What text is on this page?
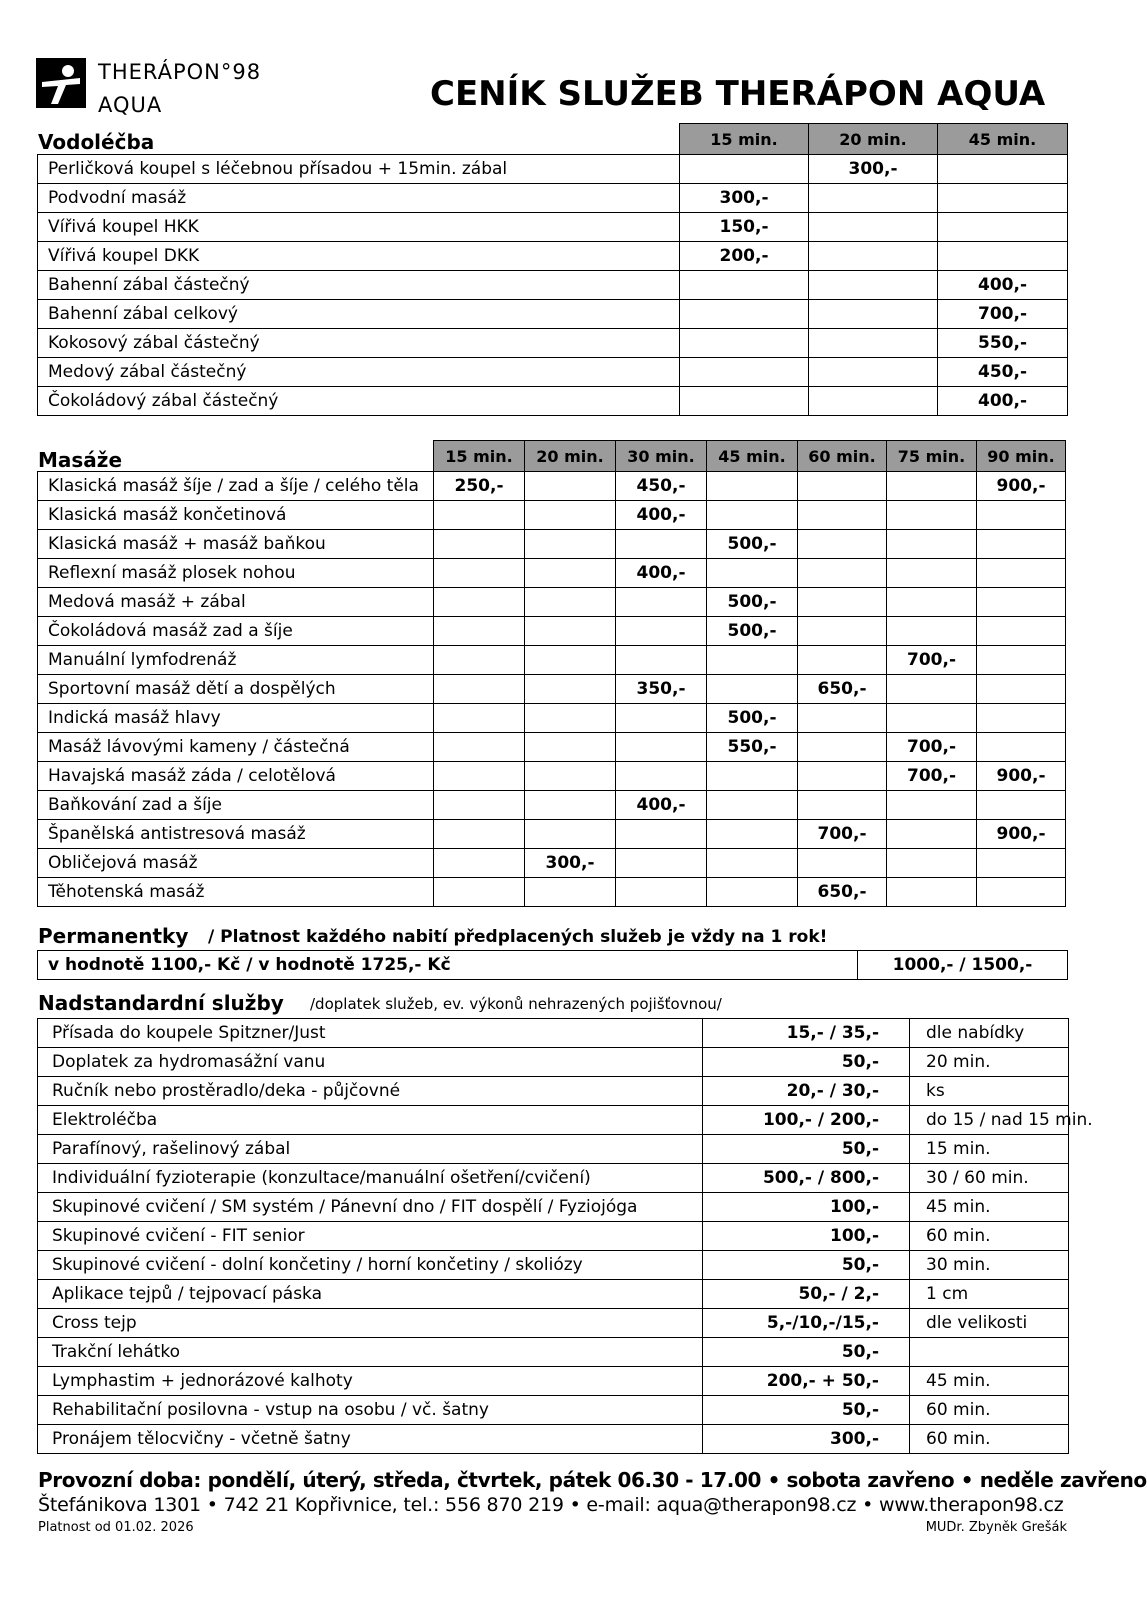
THERÁPON°98
AQUA	CENÍK SLUŽEB THERÁPON AQUA
Vodoléčba
		15 min.	20 min.	45 min.
Perličková koupel s léčebnou přísadou + 15min. zábal		300,-	
Podvodní masáž	300,-		
Vířivá koupel HKK	150,-		
Vířivá koupel DKK	200,-		
Bahenní zábal částečný			400,-
Bahenní zábal celkový			700,-
Kokosový zábal částečný			550,-
Medový zábal částečný			450,-
Čokoládový zábal částečný			400,-
Masáže
		15 min.	20 min.	30 min.	45 min.	60 min.	75 min.	90 min.
Klasická masáž šíje / zad a šíje / celého těla	250,-		450,-				900,-
Klasická masáž končetinová			400,-				
Klasická masáž + masáž baňkou				500,-			
Reflexní masáž plosek nohou			400,-				
Medová masáž + zábal				500,-			
Čokoládová masáž zad a šíje				500,-			
Manuální lymfodrenáž						700,-	
Sportovní masáž dětí a dospělých			350,-		650,-		
Indická masáž hlavy				500,-			
Masáž lávovými kameny / částečná				550,-		700,-	
Havajská masáž záda / celotělová						700,-	900,-
Baňkování zad a šíje			400,-				
Španělská antistresová masáž					700,-		900,-
Obličejová masáž		300,-					
Těhotenská masáž					650,-		
Permanentky / Platnost každého nabití předplacených služeb je vždy na 1 rok!
v hodnotě 1100,- Kč / v hodnotě 1725,- Kč	1000,- / 1500,-
Nadstandardní služby /doplatek služeb, ev. výkonů nehrazených pojišťovnou/
Přísada do koupele Spitzner/Just	15,- / 35,-	dle nabídky
Doplatek za hydromasážní vanu	50,-	20 min.
Ručník nebo prostěradlo/deka - půjčovné	20,- / 30,-	ks
Elektroléčba	100,- / 200,-	do 15 / nad 15 min.
Parafínový, rašelinový zábal	50,-	15 min.
Individuální fyzioterapie (konzultace/manuální ošetření/cvičení)	500,- / 800,-	30 / 60 min.
Skupinové cvičení / SM systém / Pánevní dno / FIT dospělí / Fyziojóga	100,-	45 min.
Skupinové cvičení - FIT senior	100,-	60 min.
Skupinové cvičení - dolní končetiny / horní končetiny / skoliózy	50,-	30 min.
Aplikace tejpů / tejpovací páska	50,- / 2,-	1 cm
Cross tejp	5,-/10,-/15,-	dle velikosti
Trakční lehátko	50,-	
Lymphastim + jednorázové kalhoty	200,- + 50,-	45 min.
Rehabilitační posilovna - vstup na osobu / vč. šatny	50,-	60 min.
Pronájem tělocvičny - včetně šatny	300,-	60 min.
Provozní doba: pondělí, úterý, středa, čtvrtek, pátek 06.30 - 17.00 • sobota zavřeno • neděle zavřeno
Štefánikova 1301 • 742 21 Kopřivnice, tel.: 556 870 219 • e-mail: aqua@therapon98.cz • www.therapon98.cz
Platnost od 01.02. 2026	MUDr. Zbyněk Grešák
